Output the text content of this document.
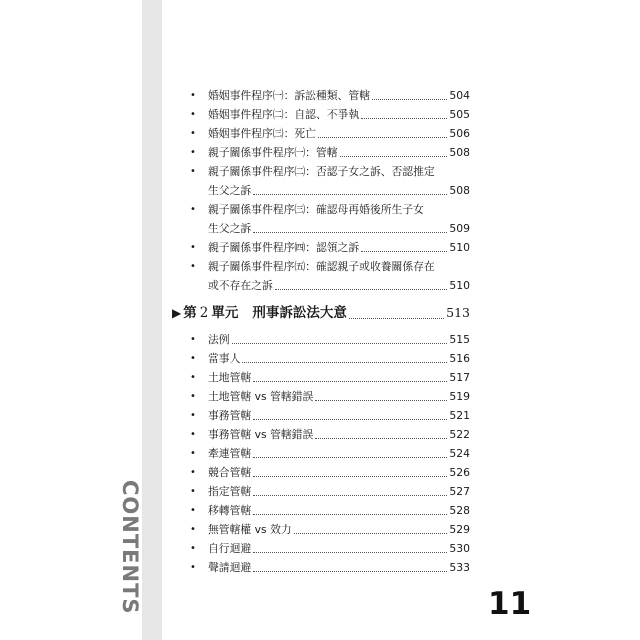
CONTENTS
• 婚姻事件程序㈠：訴訟種類、管轄	504
• 婚姻事件程序㈡：自認、不爭執	505
• 婚姻事件程序㈢：死亡	506
• 親子關係事件程序㈠：管轄	508
• 親子關係事件程序㈡：否認子女之訴、否認推定
生父之訴	508
• 親子關係事件程序㈢：確認母再婚後所生子女
生父之訴	509
• 親子關係事件程序㈣：認領之訴	510
• 親子關係事件程序㈤：確認親子或收養關係存在
或不存在之訴	510
▶ 第 2 單元 刑事訴訟法大意	513
• 法例	515
• 當事人	516
• 土地管轄	517
• 土地管轄 vs 管轄錯誤	519
• 事務管轄	521
• 事務管轄 vs 管轄錯誤	522
• 牽連管轄	524
• 競合管轄	526
• 指定管轄	527
• 移轉管轄	528
• 無管轄權 vs 效力	529
• 自行迴避	530
• 聲請迴避	533
11
